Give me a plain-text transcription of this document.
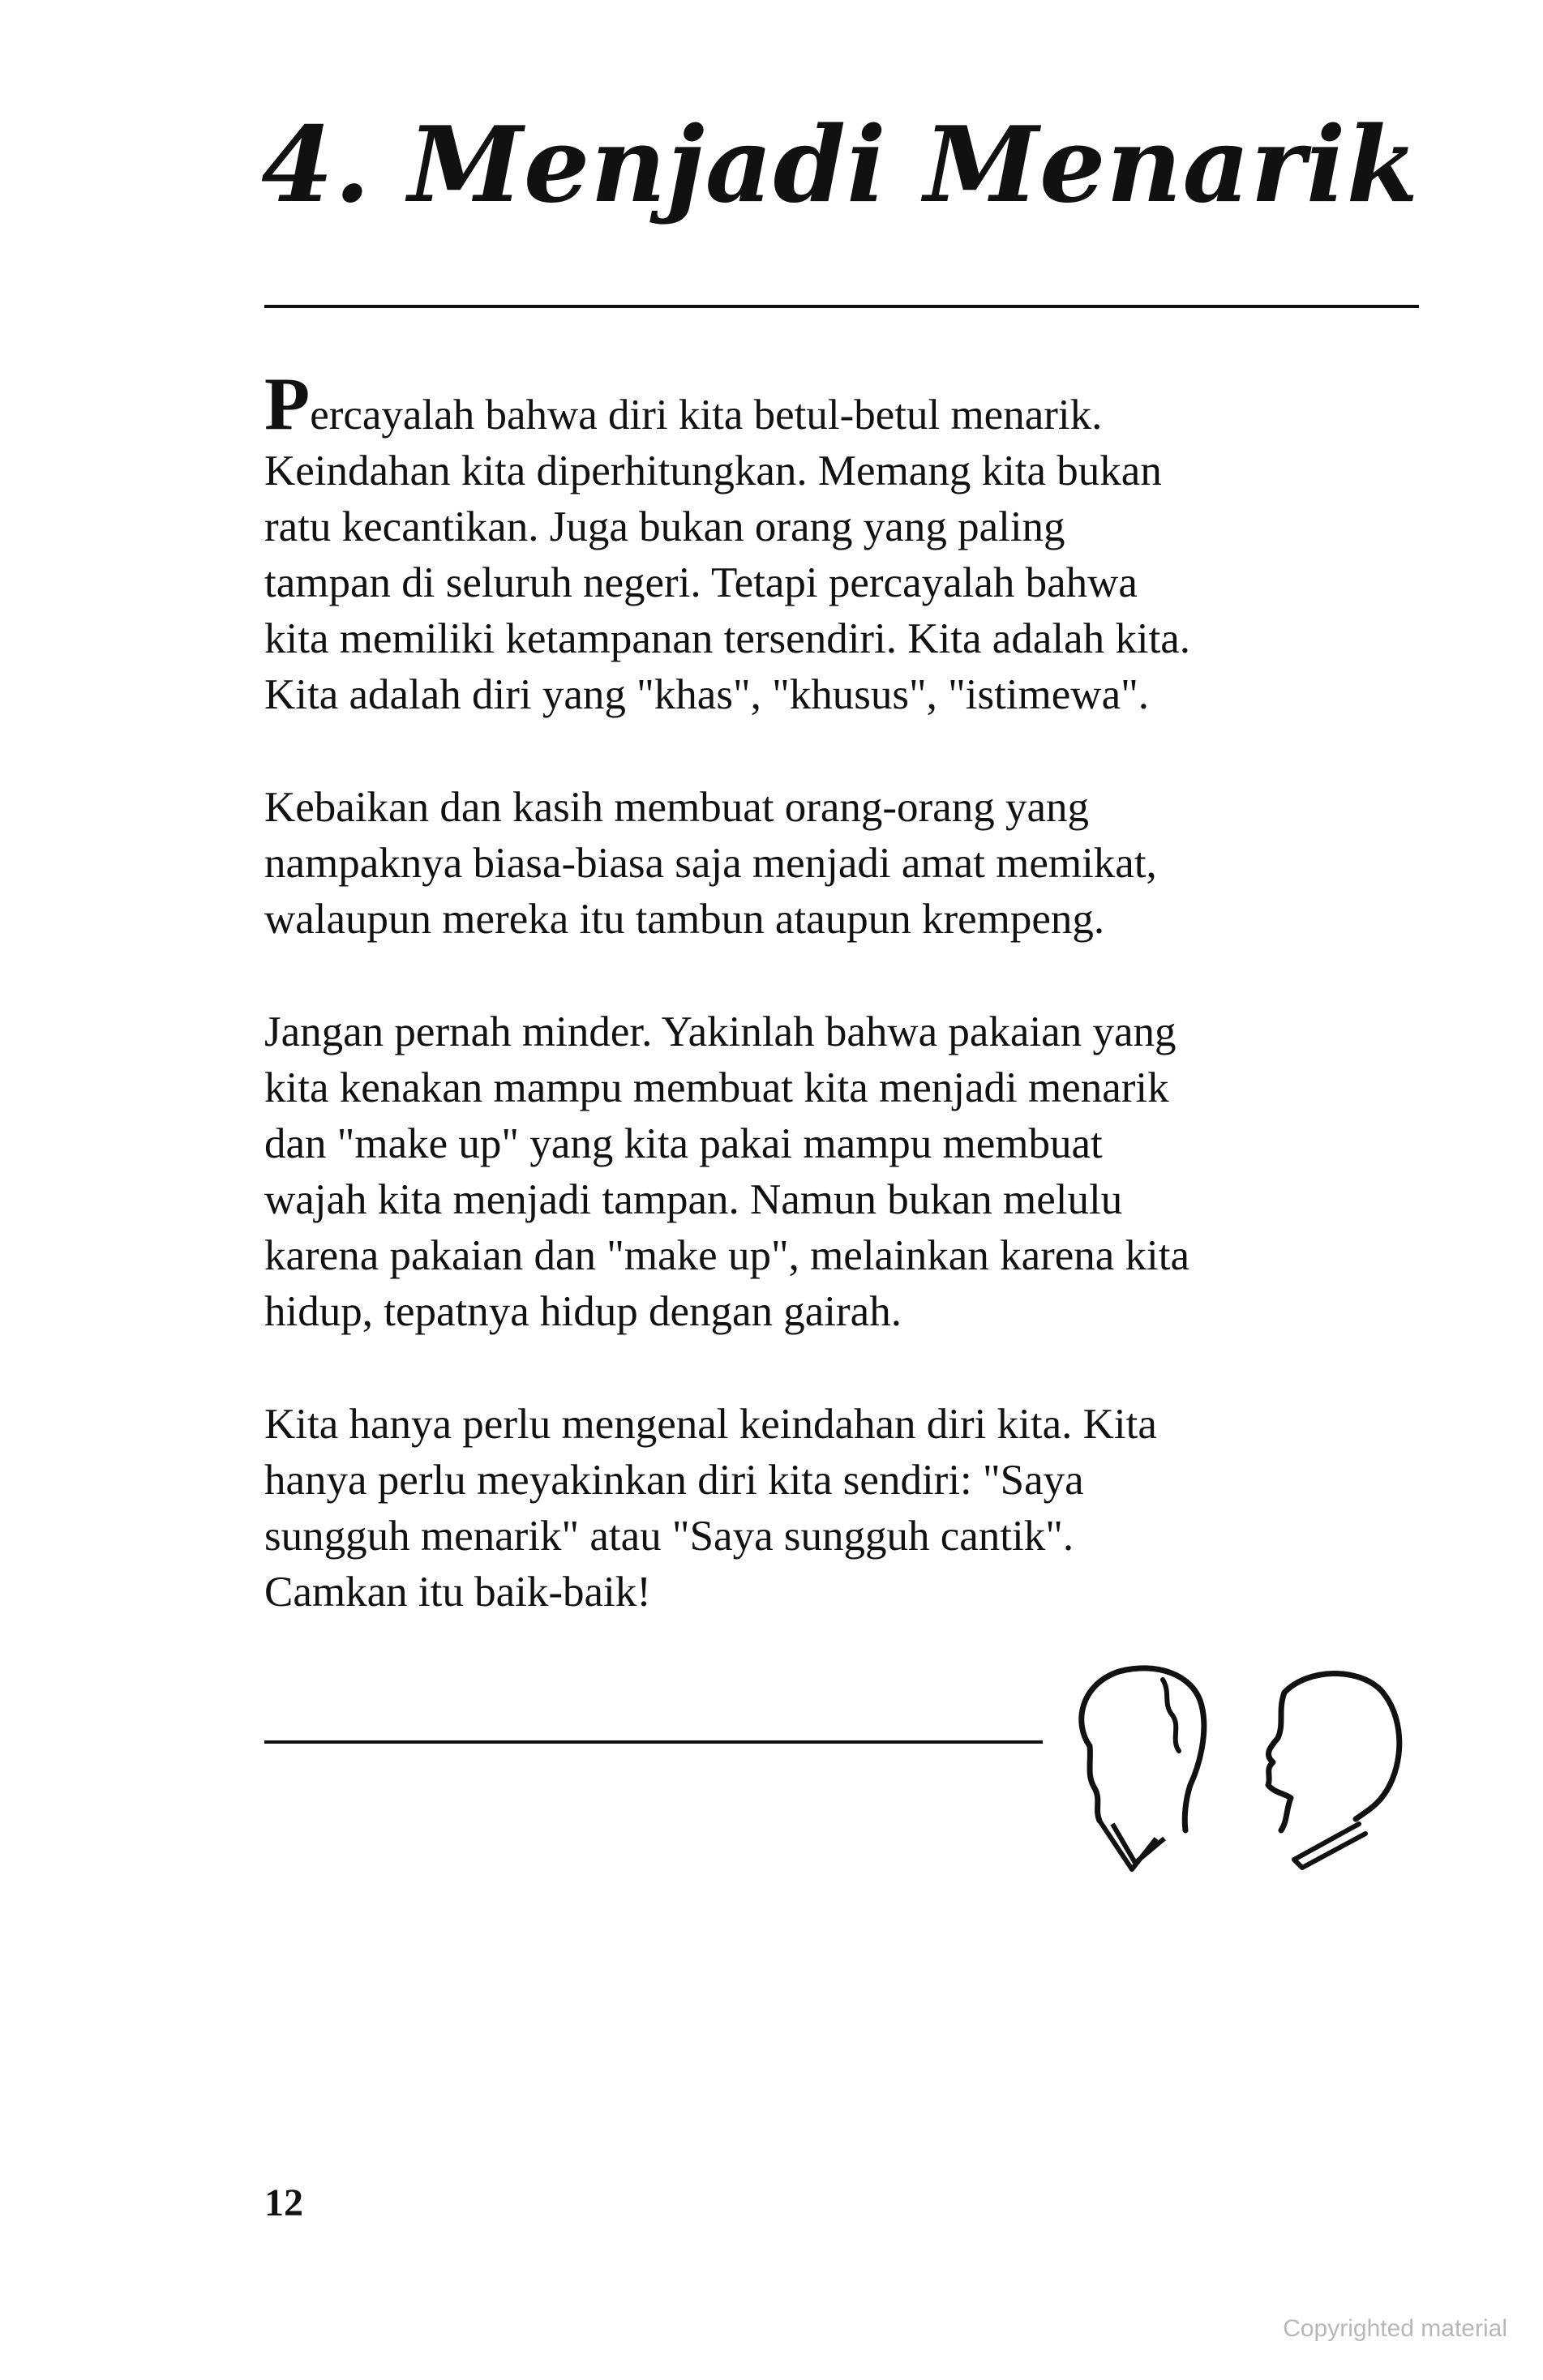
4. Menjadi Menarik
Percayalah bahwa diri kita betul-betul menarik.
Keindahan kita diperhitungkan. Memang kita bukan
ratu kecantikan. Juga bukan orang yang paling
tampan di seluruh negeri. Tetapi percayalah bahwa
kita memiliki ketampanan tersendiri. Kita adalah kita.
Kita adalah diri yang "khas", "khusus", "istimewa".
Kebaikan dan kasih membuat orang-orang yang
nampaknya biasa-biasa saja menjadi amat memikat,
walaupun mereka itu tambun ataupun krempeng.
Jangan pernah minder. Yakinlah bahwa pakaian yang
kita kenakan mampu membuat kita menjadi menarik
dan "make up" yang kita pakai mampu membuat
wajah kita menjadi tampan. Namun bukan melulu
karena pakaian dan "make up", melainkan karena kita
hidup, tepatnya hidup dengan gairah.
Kita hanya perlu mengenal keindahan diri kita. Kita
hanya perlu meyakinkan diri kita sendiri: "Saya
sungguh menarik" atau "Saya sungguh cantik".
Camkan itu baik-baik!
12
Copyrighted material
